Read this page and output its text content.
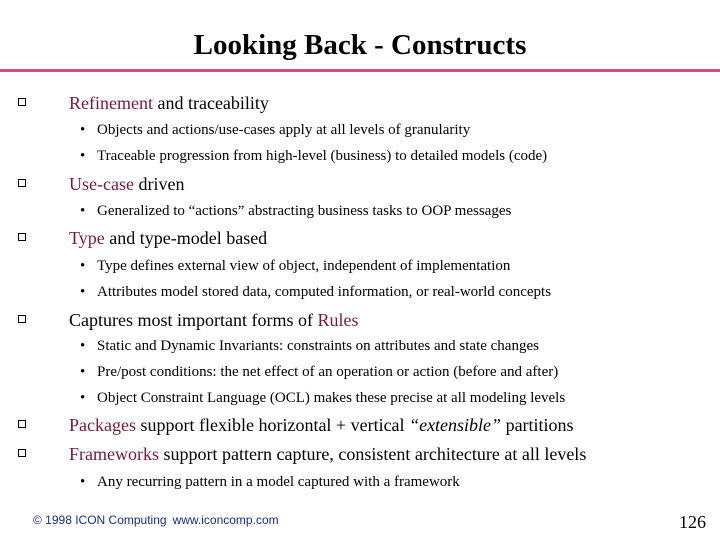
Looking Back - Constructs
Refinement and traceability
• Objects and actions/use-cases apply at all levels of granularity
• Traceable progression from high-level (business) to detailed models (code)
Use-case driven
• Generalized to “actions” abstracting business tasks to OOP messages
Type and type-model based
• Type defines external view of object, independent of implementation
• Attributes model stored data, computed information, or real-world concepts
Captures most important forms of Rules
• Static and Dynamic Invariants: constraints on attributes and state changes
• Pre/post conditions: the net effect of an operation or action (before and after)
• Object Constraint Language (OCL) makes these precise at all modeling levels
Packages support flexible horizontal + vertical “extensible” partitions
Frameworks support pattern capture, consistent architecture at all levels
• Any recurring pattern in a model captured with a framework
© 1998 ICON Computing www.iconcomp.com	126
